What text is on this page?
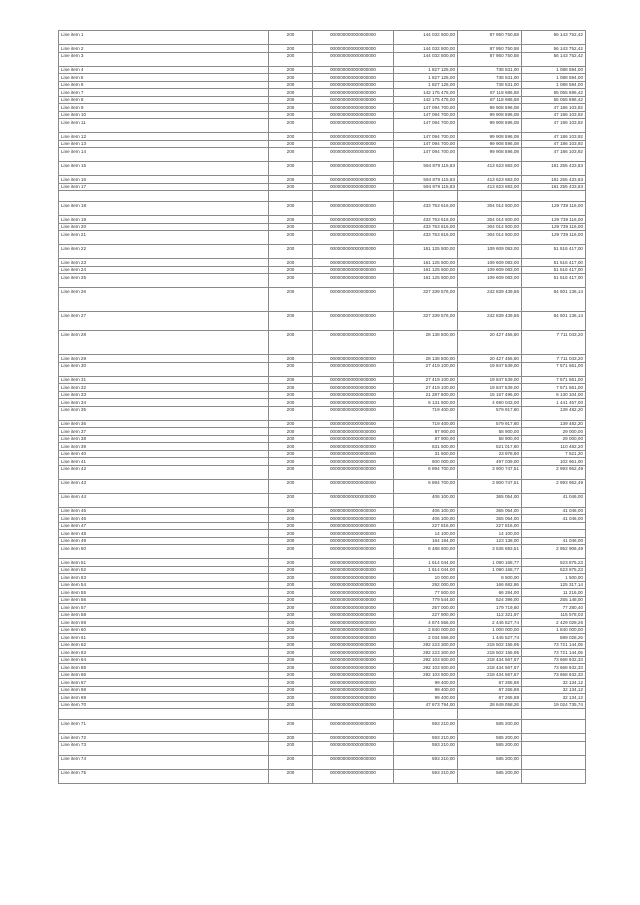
Line item 1	200	000000000000000000	144 032 500,00	87 950 750,58	56 143 752,42
Line item 2	200	000000000000000000	144 032 500,00	87 950 750,58	56 143 752,42
Line item 3	200	000000000000000000	144 032 500,00	87 950 750,58	56 143 752,42
Line item 4	200	000000000000000000	1 827 125,00	738 531,00	1 088 594,00
Line item 5	200	000000000000000000	1 827 125,00	738 531,00	1 088 594,00
Line item 6	200	000000000000000000	1 827 125,00	738 531,00	1 088 594,00
Line item 7	200	000000000000000000	142 175 475,00	87 118 686,58	55 055 686,42
Line item 8	200	000000000000000000	142 175 475,00	87 118 686,58	55 055 686,42
Line item 9	200	000000000000000000	147 094 700,00	99 908 596,08	47 186 103,92
Line item 10	200	000000000000000000	147 094 700,00	99 908 596,08	47 186 103,92
Line item 11	200	000000000000000000	147 094 700,00	99 908 596,08	47 186 103,92
Line item 12	200	000000000000000000	147 094 700,00	99 908 596,08	47 186 103,92
Line item 13	200	000000000000000000	147 094 700,00	99 908 596,08	47 186 103,92
Line item 14	200	000000000000000000	147 094 700,00	99 908 596,08	47 186 103,92
Line item 15	200	000000000000000000	594 879 115,83	413 623 683,00	181 255 433,83
Line item 16	200	000000000000000000	594 879 115,83	413 623 683,00	181 255 433,83
Line item 17	200	000000000000000000	594 879 115,83	413 623 683,00	181 255 433,83

Line item 18	200	000000000000000000	433 753 616,00	304 014 500,00	129 739 116,00
Line item 19	200	000000000000000000	433 753 616,00	304 014 500,00	129 739 116,00
Line item 20	200	000000000000000000	433 753 616,00	304 014 500,00	129 739 116,00
Line item 21	200	000000000000000000	433 753 616,00	304 014 500,00	129 739 116,00
Line item 22	200	000000000000000000	161 125 500,00	109 609 083,00	51 516 417,00
Line item 23	200	000000000000000000	161 125 500,00	109 609 083,00	51 516 417,00
Line item 24	200	000000000000000000	161 125 500,00	109 609 083,00	51 516 417,00
Line item 25	200	000000000000000000	161 125 500,00	109 609 083,00	51 516 417,00
Line item 26	200	000000000000000000	327 339 576,00	242 839 439,86	84 501 136,14
Line item 27	200	000000000000000000	327 339 576,00	242 839 439,86	84 501 136,14
Line item 28	200	000000000000000000	28 138 500,00	20 427 456,80	7 711 043,20
Line item 29	200	000000000000000000	28 138 500,00	20 427 456,80	7 711 043,20
Line item 30	200	000000000000000000	27 419 100,00	19 847 539,00	7 571 561,00
Line item 31	200	000000000000000000	27 419 100,00	19 847 539,00	7 571 561,00
Line item 32	200	000000000000000000	27 419 100,00	19 847 539,00	7 571 561,00
Line item 33	200	000000000000000000	21 287 600,00	15 157 496,00	6 130 104,00
Line item 34	200	000000000000000000	6 131 500,00	4 690 043,00	1 441 457,00
Line item 35	200	000000000000000000	719 400,00	579 917,80	139 482,20
Line item 36	200	000000000000000000	719 400,00	579 917,80	139 482,20
Line item 37	200	000000000000000000	87 900,00	58 900,00	29 000,00
Line item 38	200	000000000000000000	87 900,00	58 900,00	29 000,00
Line item 39	200	000000000000000000	631 500,00	521 017,80	110 482,20
Line item 40	200	000000000000000000	31 500,00	23 978,80	7 521,20
Line item 41	200	000000000000000000	600 000,00	497 039,00	102 961,00
Line item 42	200	000000000000000000	6 894 700,00	3 900 747,51	2 993 952,49
Line item 43	200	000000000000000000	6 894 700,00	3 900 747,51	2 993 952,49
Line item 44	200	000000000000000000	406 100,00	365 054,00	41 046,00
Line item 45	200	000000000000000000	406 100,00	365 054,00	41 046,00
Line item 46	200	000000000000000000	406 100,00	365 054,00	41 046,00
Line item 47	200	000000000000000000	227 816,00	227 816,00	
Line item 48	200	000000000000000000	14 100,00	14 100,00	
Line item 49	200	000000000000000000	164 184,00	123 138,00	41 046,00
Line item 50	200	000000000000000000	6 488 600,00	3 535 693,51	2 952 906,49
Line item 51	200	000000000000000000	1 614 044,00	1 090 168,77	523 875,23
Line item 52	200	000000000000000000	1 614 044,00	1 090 168,77	523 875,23
Line item 53	200	000000000000000000	10 000,00	8 500,00	1 500,00
Line item 54	200	000000000000000000	292 000,00	166 682,86	125 317,14
Line item 55	200	000000000000000000	77 500,00	66 284,00	11 216,00
Line item 56	200	000000000000000000	779 544,00	524 396,00	255 148,00
Line item 57	200	000000000000000000	257 000,00	179 719,60	77 280,40
Line item 58	200	000000000000000000	227 900,00	112 321,97	115 578,03
Line item 59	200	000000000000000000	4 874 556,00	2 445 527,74	2 429 028,26
Line item 60	200	000000000000000000	2 840 000,00	1 000 000,00	1 840 000,00
Line item 61	200	000000000000000000	2 034 556,00	1 445 527,74	589 028,26
Line item 62	200	000000000000000000	292 223 300,00	218 502 155,95	73 721 144,05
Line item 63	200	000000000000000000	292 223 300,00	218 502 155,95	73 721 144,05
Line item 64	200	000000000000000000	292 103 500,00	218 434 567,67	73 668 932,33
Line item 65	200	000000000000000000	292 103 500,00	218 434 567,67	73 668 932,33
Line item 66	200	000000000000000000	292 103 500,00	218 434 567,67	73 668 932,33
Line item 67	200	000000000000000000	99 400,00	67 265,88	32 134,12
Line item 68	200	000000000000000000	99 400,00	67 265,88	32 134,12
Line item 69	200	000000000000000000	99 400,00	67 265,88	32 134,12
Line item 70	200	000000000000000000	47 673 794,00	28 649 058,26	19 024 735,74

Line item 71	200	000000000000000000	593 210,00	585 200,00	
Line item 72	200	000000000000000000	593 210,00	585 200,00	
Line item 73	200	000000000000000000	593 210,00	585 200,00	
Line item 74	200	000000000000000000	593 210,00	585 200,00	
Line item 75	200	000000000000000000	593 210,00	585 200,00	
